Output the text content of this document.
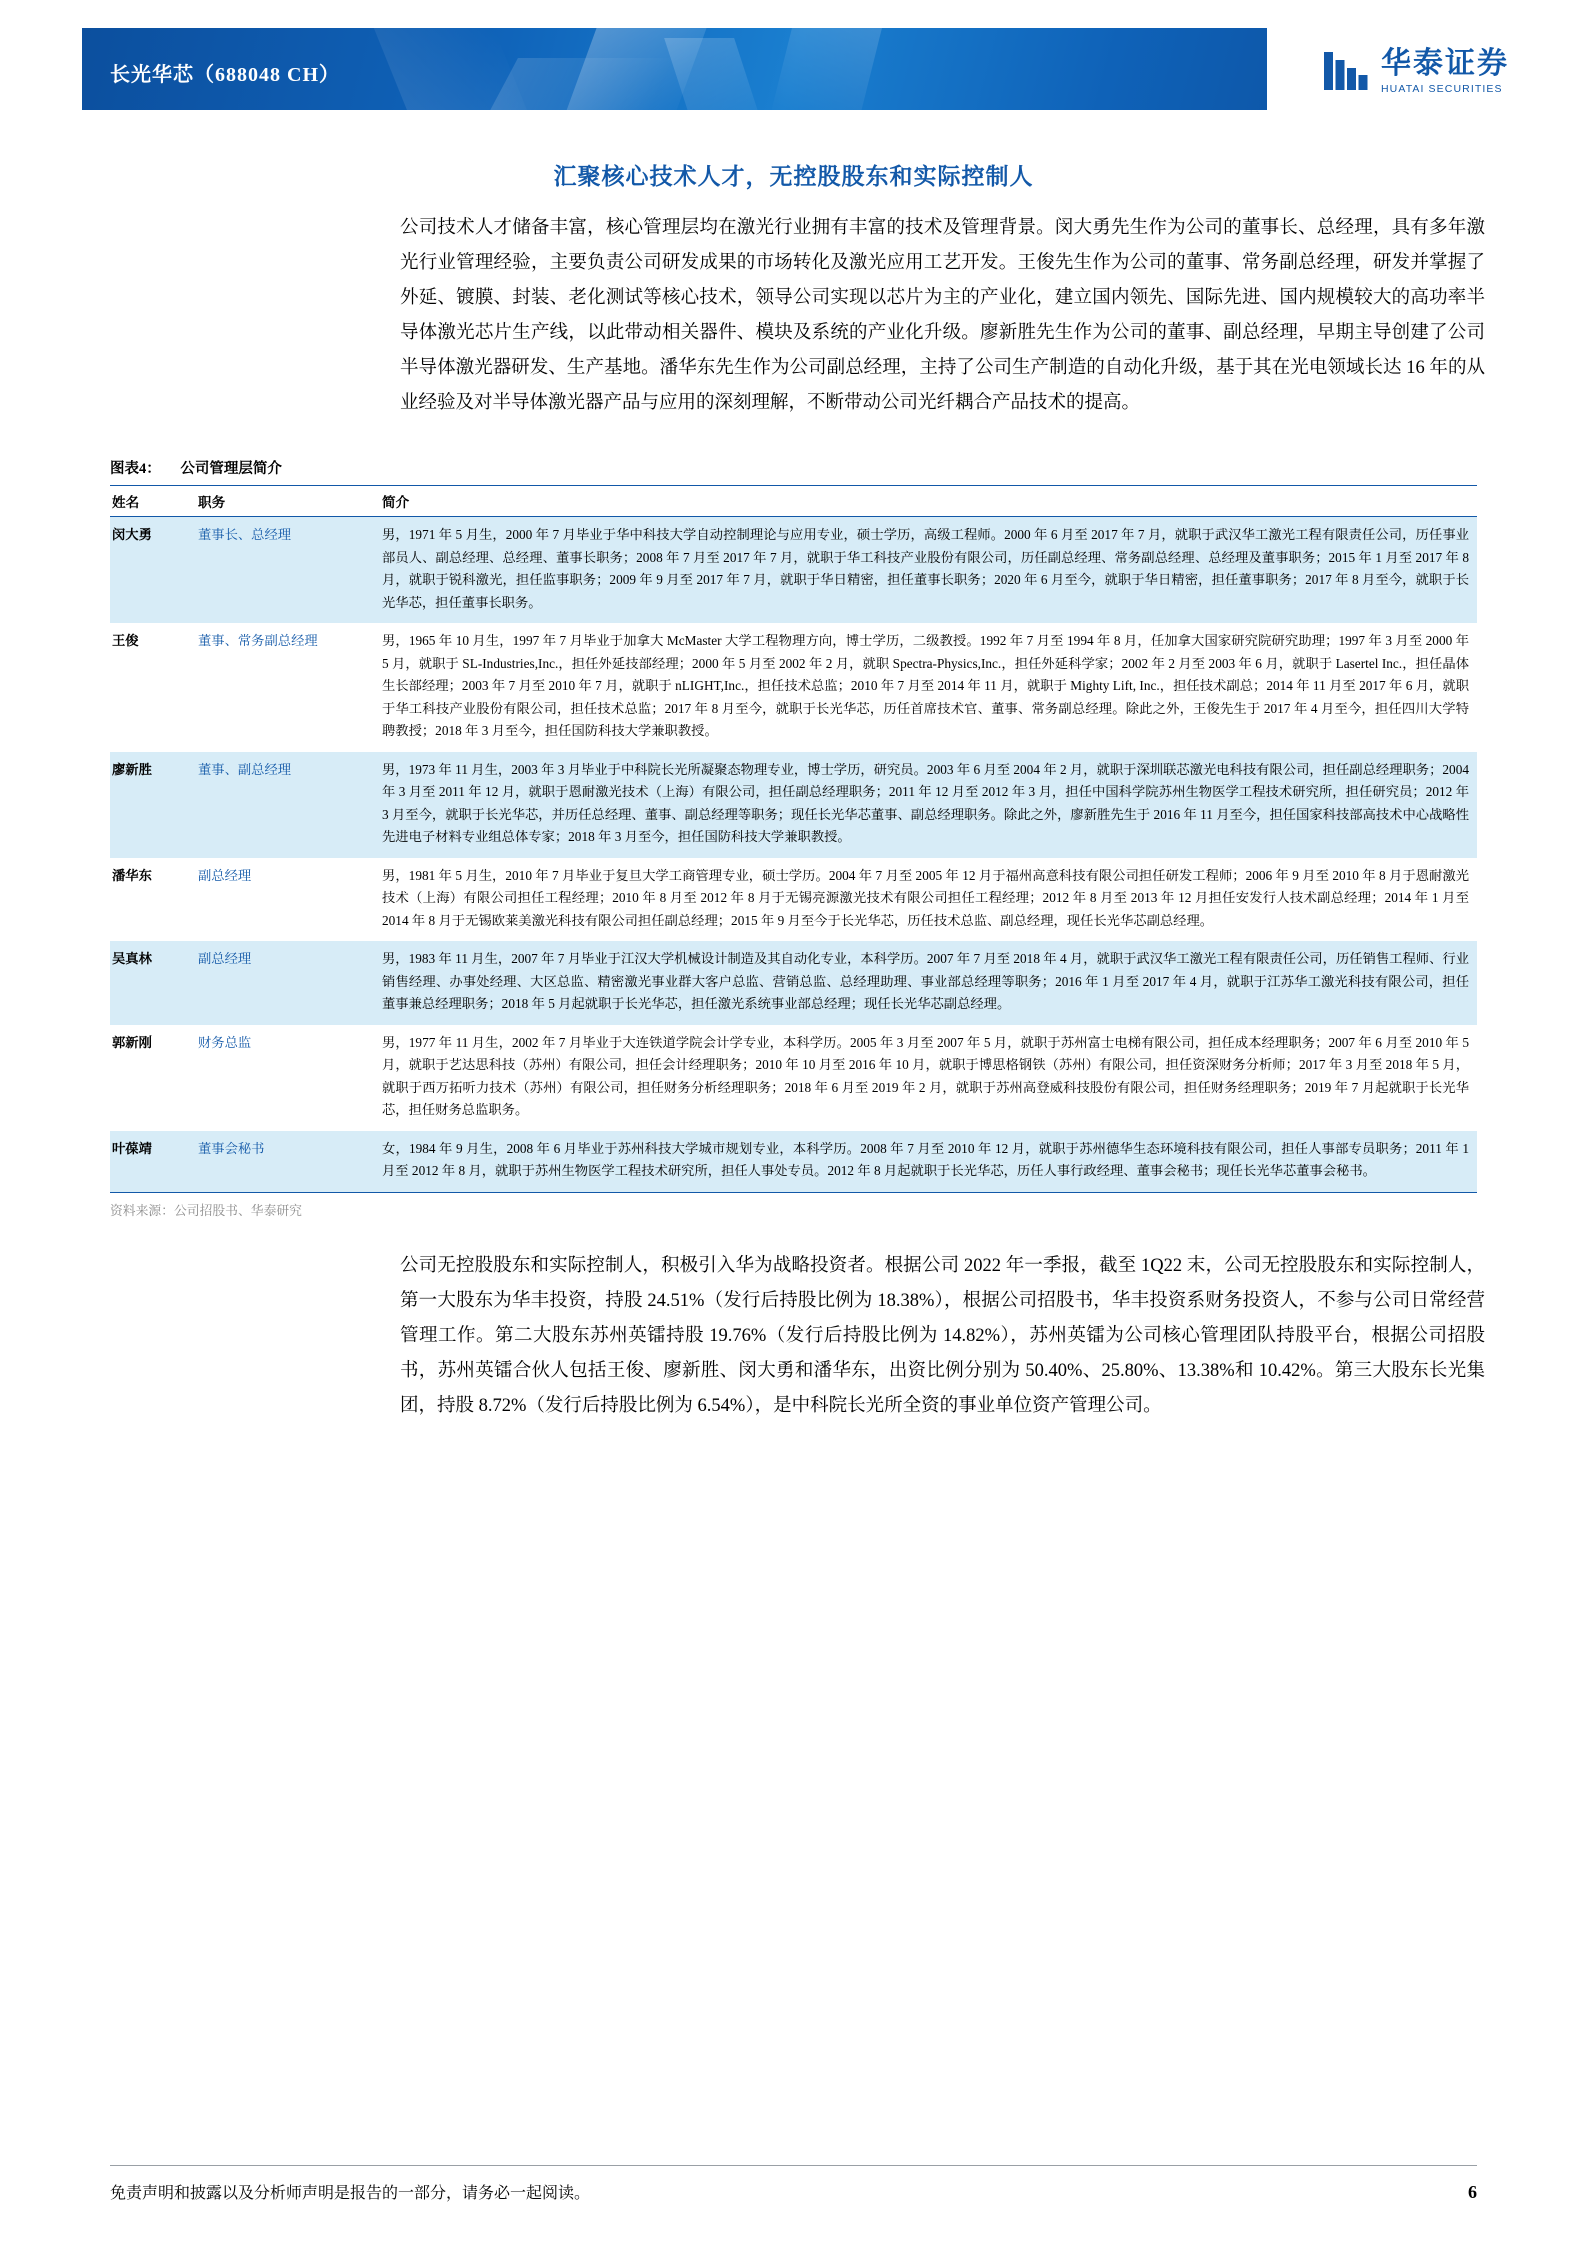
长光华芯（688048 CH）	华泰证券
HUATAI SECURITIES
汇聚核心技术人才，无控股股东和实际控制人
公司技术人才储备丰富，核心管理层均在激光行业拥有丰富的技术及管理背景。闵大勇先生作为公司的董事长、总经理，具有多年激光行业管理经验，主要负责公司研发成果的市场转化及激光应用工艺开发。王俊先生作为公司的董事、常务副总经理，研发并掌握了外延、镀膜、封装、老化测试等核心技术，领导公司实现以芯片为主的产业化，建立国内领先、国际先进、国内规模较大的高功率半导体激光芯片生产线，以此带动相关器件、模块及系统的产业化升级。廖新胜先生作为公司的董事、副总经理，早期主导创建了公司半导体激光器研发、生产基地。潘华东先生作为公司副总经理，主持了公司生产制造的自动化升级，基于其在光电领域长达 16 年的从业经验及对半导体激光器产品与应用的深刻理解，不断带动公司光纤耦合产品技术的提高。
图表4： 公司管理层简介
姓名	职务	简介
闵大勇	董事长、总经理	男，1971 年 5 月生，2000 年 7 月毕业于华中科技大学自动控制理论与应用专业，硕士学历，高级工程师。2000 年 6 月至 2017 年 7 月，就职于武汉华工激光工程有限责任公司，历任事业部员人、副总经理、总经理、董事长职务；2008 年 7 月至 2017 年 7 月，就职于华工科技产业股份有限公司，历任副总经理、常务副总经理、总经理及董事职务；2015 年 1 月至 2017 年 8 月，就职于锐科激光，担任监事职务；2009 年 9 月至 2017 年 7 月，就职于华日精密，担任董事长职务；2020 年 6 月至今，就职于华日精密，担任董事职务；2017 年 8 月至今，就职于长光华芯，担任董事长职务。
王俊	董事、常务副总经理	男，1965 年 10 月生，1997 年 7 月毕业于加拿大 McMaster 大学工程物理方向，博士学历，二级教授。1992 年 7 月至 1994 年 8 月，任加拿大国家研究院研究助理；1997 年 3 月至 2000 年 5 月，就职于 SL-Industries,Inc.，担任外延技部经理；2000 年 5 月至 2002 年 2 月，就职 Spectra-Physics,Inc.，担任外延科学家；2002 年 2 月至 2003 年 6 月，就职于 Lasertel Inc.，担任晶体生长部经理；2003 年 7 月至 2010 年 7 月，就职于 nLIGHT,Inc.，担任技术总监；2010 年 7 月至 2014 年 11 月，就职于 Mighty Lift, Inc.，担任技术副总；2014 年 11 月至 2017 年 6 月，就职于华工科技产业股份有限公司，担任技术总监；2017 年 8 月至今，就职于长光华芯，历任首席技术官、董事、常务副总经理。除此之外，王俊先生于 2017 年 4 月至今，担任四川大学特聘教授；2018 年 3 月至今，担任国防科技大学兼职教授。
廖新胜	董事、副总经理	男，1973 年 11 月生，2003 年 3 月毕业于中科院长光所凝聚态物理专业，博士学历，研究员。2003 年 6 月至 2004 年 2 月，就职于深圳联芯激光电科技有限公司，担任副总经理职务；2004 年 3 月至 2011 年 12 月，就职于恩耐激光技术（上海）有限公司，担任副总经理职务；2011 年 12 月至 2012 年 3 月，担任中国科学院苏州生物医学工程技术研究所，担任研究员；2012 年 3 月至今，就职于长光华芯，并历任总经理、董事、副总经理等职务；现任长光华芯董事、副总经理职务。除此之外，廖新胜先生于 2016 年 11 月至今，担任国家科技部高技术中心战略性先进电子材料专业组总体专家；2018 年 3 月至今，担任国防科技大学兼职教授。
潘华东	副总经理	男，1981 年 5 月生，2010 年 7 月毕业于复旦大学工商管理专业，硕士学历。2004 年 7 月至 2005 年 12 月于福州高意科技有限公司担任研发工程师；2006 年 9 月至 2010 年 8 月于恩耐激光技术（上海）有限公司担任工程经理；2010 年 8 月至 2012 年 8 月于无锡亮源激光技术有限公司担任工程经理；2012 年 8 月至 2013 年 12 月担任安发行人技术副总经理；2014 年 1 月至 2014 年 8 月于无锡欧莱美激光科技有限公司担任副总经理；2015 年 9 月至今于长光华芯，历任技术总监、副总经理，现任长光华芯副总经理。
吴真林	副总经理	男，1983 年 11 月生，2007 年 7 月毕业于江汉大学机械设计制造及其自动化专业，本科学历。2007 年 7 月至 2018 年 4 月，就职于武汉华工激光工程有限责任公司，历任销售工程师、行业销售经理、办事处经理、大区总监、精密激光事业群大客户总监、营销总监、总经理助理、事业部总经理等职务；2016 年 1 月至 2017 年 4 月，就职于江苏华工激光科技有限公司，担任董事兼总经理职务；2018 年 5 月起就职于长光华芯，担任激光系统事业部总经理；现任长光华芯副总经理。
郭新刚	财务总监	男，1977 年 11 月生，2002 年 7 月毕业于大连铁道学院会计学专业，本科学历。2005 年 3 月至 2007 年 5 月，就职于苏州富士电梯有限公司，担任成本经理职务；2007 年 6 月至 2010 年 5 月，就职于艺达思科技（苏州）有限公司，担任会计经理职务；2010 年 10 月至 2016 年 10 月，就职于博思格钢铁（苏州）有限公司，担任资深财务分析师；2017 年 3 月至 2018 年 5 月，就职于西万拓听力技术（苏州）有限公司，担任财务分析经理职务；2018 年 6 月至 2019 年 2 月，就职于苏州高登威科技股份有限公司，担任财务经理职务；2019 年 7 月起就职于长光华芯，担任财务总监职务。
叶葆靖	董事会秘书	女，1984 年 9 月生，2008 年 6 月毕业于苏州科技大学城市规划专业，本科学历。2008 年 7 月至 2010 年 12 月，就职于苏州德华生态环境科技有限公司，担任人事部专员职务；2011 年 1 月至 2012 年 8 月，就职于苏州生物医学工程技术研究所，担任人事处专员。2012 年 8 月起就职于长光华芯，历任人事行政经理、董事会秘书；现任长光华芯董事会秘书。
资料来源：公司招股书、华泰研究
公司无控股股东和实际控制人，积极引入华为战略投资者。根据公司 2022 年一季报，截至 1Q22 末，公司无控股股东和实际控制人，第一大股东为华丰投资，持股 24.51%（发行后持股比例为 18.38%），根据公司招股书，华丰投资系财务投资人，不参与公司日常经营管理工作。第二大股东苏州英镭持股 19.76%（发行后持股比例为 14.82%），苏州英镭为公司核心管理团队持股平台，根据公司招股书，苏州英镭合伙人包括王俊、廖新胜、闵大勇和潘华东，出资比例分别为 50.40%、25.80%、13.38%和 10.42%。第三大股东长光集团，持股 8.72%（发行后持股比例为 6.54%），是中科院长光所全资的事业单位资产管理公司。
免责声明和披露以及分析师声明是报告的一部分，请务必一起阅读。	6
